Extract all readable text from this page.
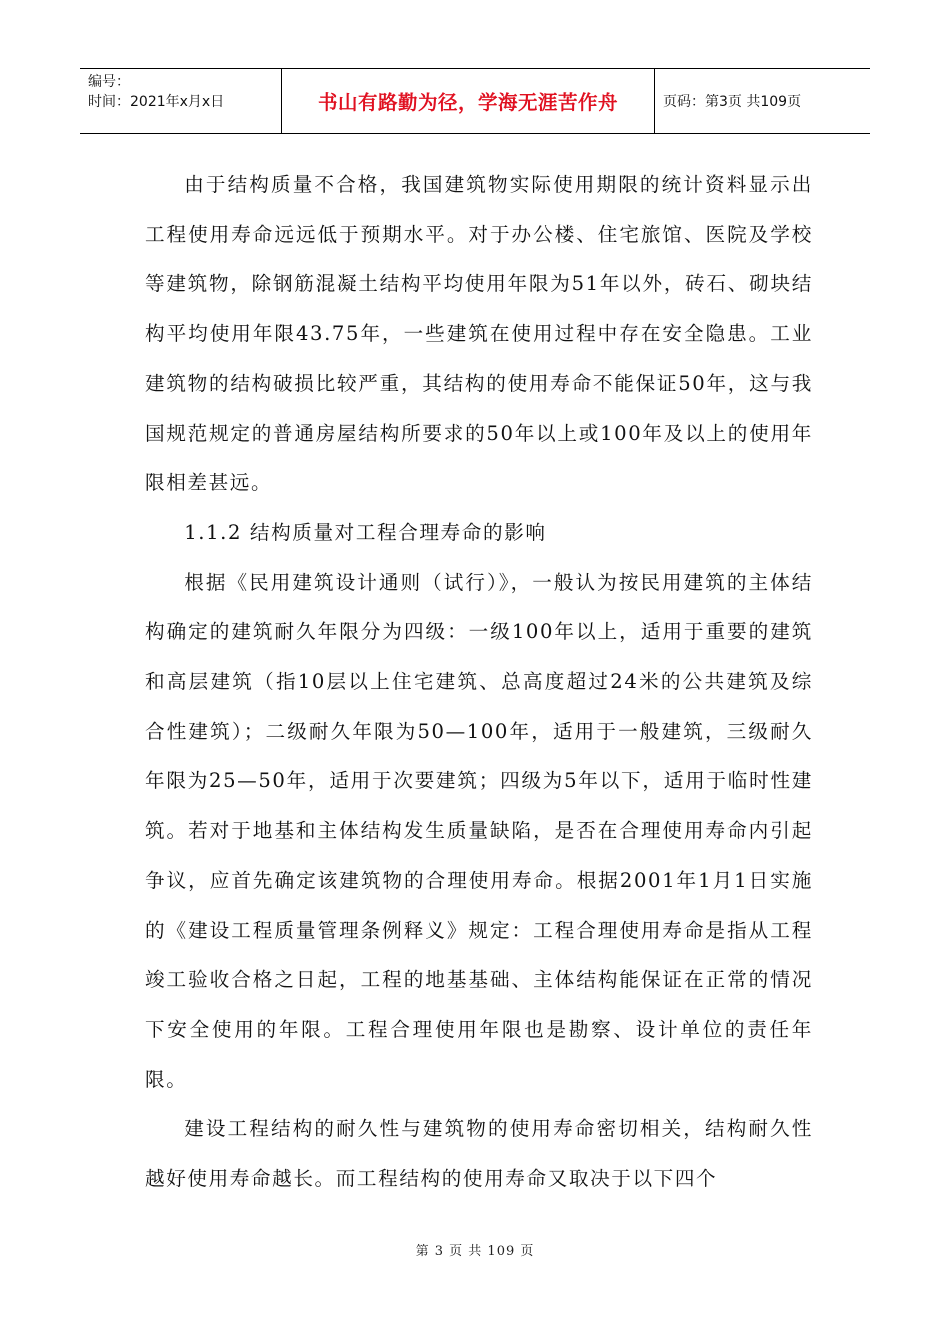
编号：
时间：2021年x月x日	书山有路勤为径，学海无涯苦作舟	页码：第3页 共109页

由于结构质量不合格，我国建筑物实际使用期限的统计资料显示出工程使用寿命远远低于预期水平。对于办公楼、住宅旅馆、医院及学校等建筑物，除钢筋混凝土结构平均使用年限为51年以外，砖石、砌块结构平均使用年限43.75年，一些建筑在使用过程中存在安全隐患。工业建筑物的结构破损比较严重，其结构的使用寿命不能保证50年，这与我国规范规定的普通房屋结构所要求的50年以上或100年及以上的使用年限相差甚远。

1.1.2 结构质量对工程合理寿命的影响

根据《民用建筑设计通则（试行）》，一般认为按民用建筑的主体结构确定的建筑耐久年限分为四级：一级100年以上，适用于重要的建筑和高层建筑（指10层以上住宅建筑、总高度超过24米的公共建筑及综合性建筑）；二级耐久年限为50—100年，适用于一般建筑，三级耐久年限为25—50年，适用于次要建筑；四级为5年以下，适用于临时性建筑。若对于地基和主体结构发生质量缺陷，是否在合理使用寿命内引起争议，应首先确定该建筑物的合理使用寿命。根据2001年1月1日实施的《建设工程质量管理条例释义》规定：工程合理使用寿命是指从工程竣工验收合格之日起，工程的地基基础、主体结构能保证在正常的情况下安全使用的年限。工程合理使用年限也是勘察、设计单位的责任年限。

建设工程结构的耐久性与建筑物的使用寿命密切相关，结构耐久性越好使用寿命越长。而工程结构的使用寿命又取决于以下四个

第 3 页 共 109 页
